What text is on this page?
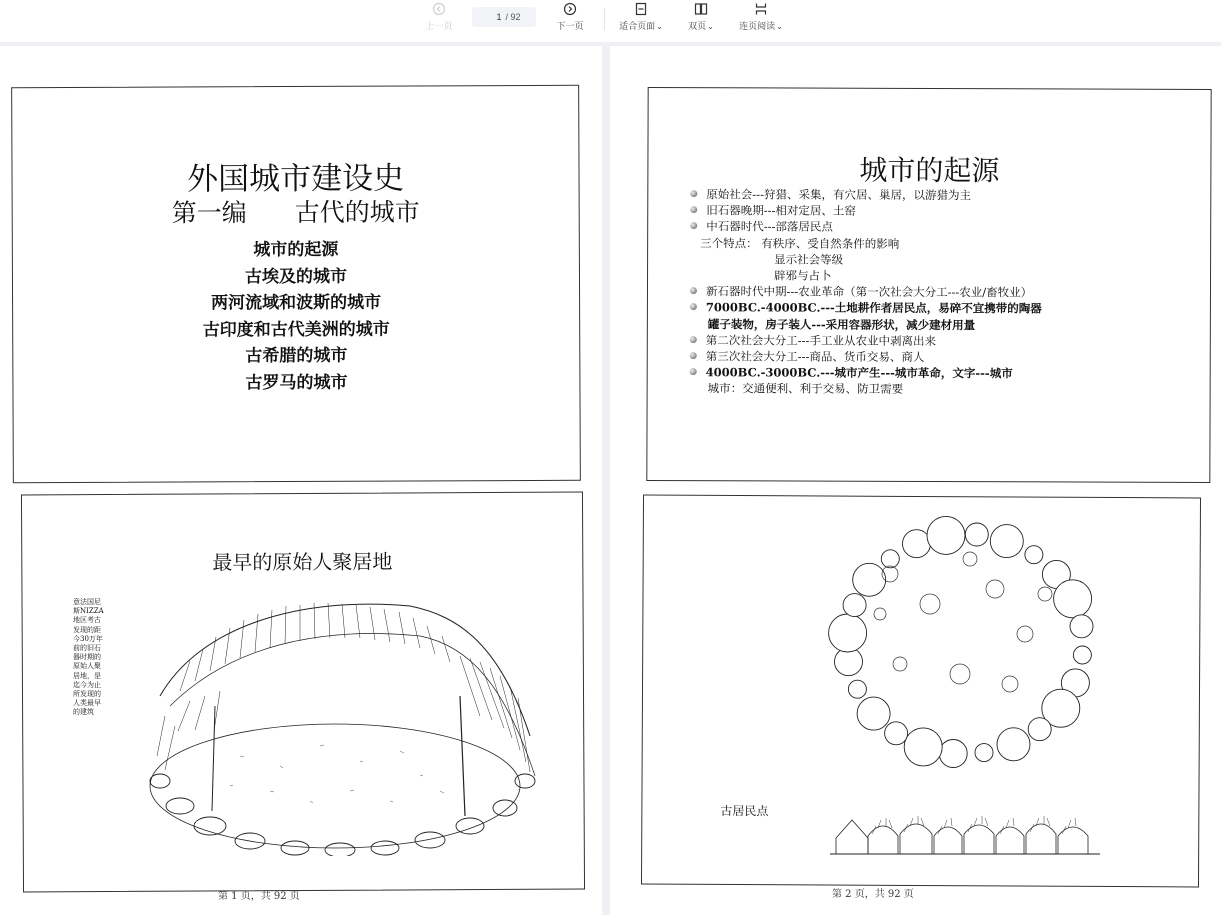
上一页
1
/ 92
下一页	适合页面⌄	双页⌄	连页阅读⌄
外国城市建设史
第一编 古代的城市
城市的起源
古埃及的城市
两河流域和波斯的城市
古印度和古代美洲的城市
古希腊的城市
古罗马的城市
最早的原始人聚居地
意法国尼
斯NIZZA
地区考古
发现的距
今30万年
前的旧石
器时期的
原始人聚
居地，是
迄今为止
所发现的
人类最早
的建筑
第 1 页，共 92 页
城市的起源
原始社会---狩猎、采集，有穴居、巢居，以游猎为主
旧石器晚期---相对定居、土窑
中石器时代---部落居民点
三个特点： 有秩序、受自然条件的影响
显示社会等级
辟邪与占卜
新石器时代中期---农业革命（第一次社会大分工---农业/畜牧业）
7000BC.-4000BC.---土地耕作者居民点，易碎不宜携带的陶器
罐子装物，房子装人---采用容器形状，减少建材用量
第二次社会大分工---手工业从农业中剥离出来
第三次社会大分工---商品、货币交易、商人
4000BC.-3000BC.---城市产生---城市革命，文字---城市
城市：交通便利、利于交易、防卫需要
古居民点
第 2 页，共 92 页
